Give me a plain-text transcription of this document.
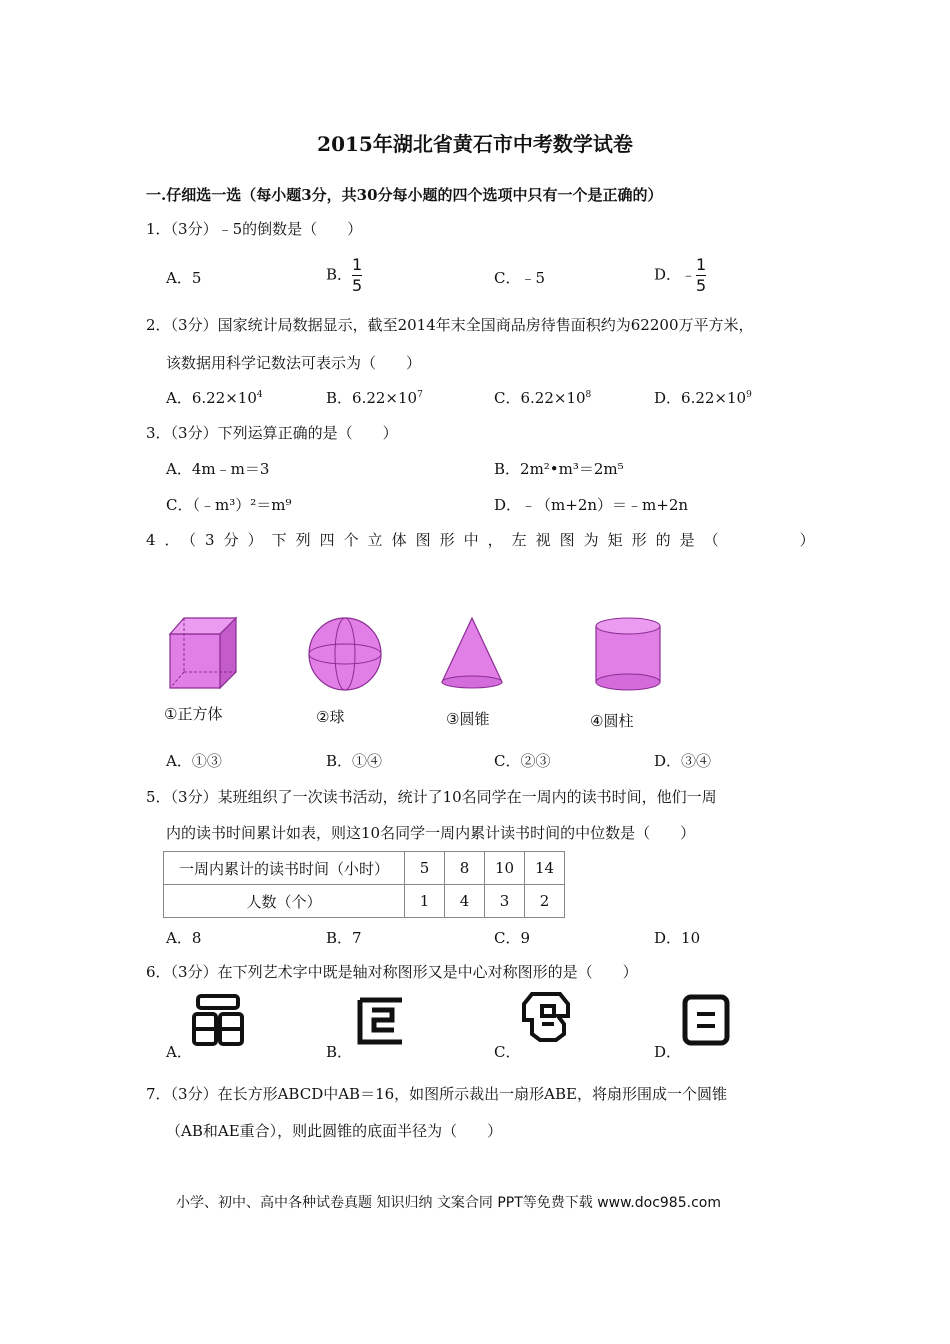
2015年湖北省黄石市中考数学试卷
一.仔细选一选（每小题3分，共30分每小题的四个选项中只有一个是正确的）
1．（3分）﹣5的倒数是（　　）
A．5	B． $\frac{1}{5}$	C．﹣5	D．﹣ $\frac{1}{5}$
2．（3分）国家统计局数据显示，截至2014年末全国商品房待售面积约为62200万平方米，
该数据用科学记数法可表示为（　　）
A．$6.22\times 10^4$	B．$6.22\times 10^7$	C．$6.22\times 10^8$	D．$6.22\times 10^9$
3．（3分）下列运算正确的是（　　）
A．4m﹣m＝3	B．2m²•m³＝2m⁵
C．（﹣m³）²＝m⁹	D．﹣（m+2n）＝﹣m+2n
4．（3分）下列四个立体图形中，左视图为矩形的是（　　　）
①正方体	②球	③圆锥	④圆柱
A．①③	B．①④	C．②③	D．③④
5．（3分）某班组织了一次读书活动，统计了10名同学在一周内的读书时间，他们一周
内的读书时间累计如表，则这10名同学一周内累计读书时间的中位数是（　　）
一周内累计的读书时间（小时）	5	8	10	14
人数（个）	1	4	3	2
A．8	B．7	C．9	D．10
6．（3分）在下列艺术字中既是轴对称图形又是中心对称图形的是（　　）
A．	B．	C．	D．
7．（3分）在长方形ABCD中AB＝16，如图所示裁出一扇形ABE，将扇形围成一个圆锥
（AB和AE重合），则此圆锥的底面半径为（　　）
小学、初中、高中各种试卷真题 知识归纳 文案合同 PPT等免费下载 www.doc985.com
